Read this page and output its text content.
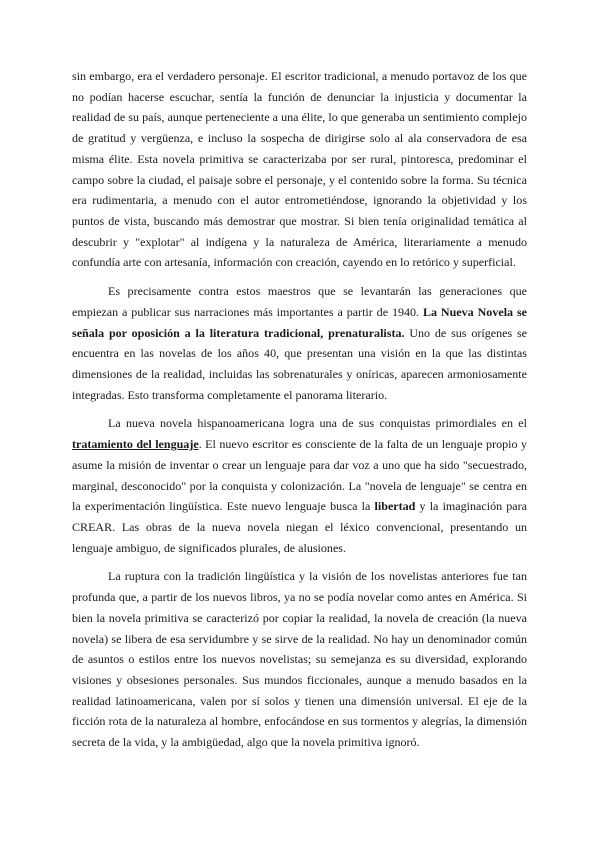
sin embargo, era el verdadero personaje. El escritor tradicional, a menudo portavoz de los que no podían hacerse escuchar, sentía la función de denunciar la injusticia y documentar la realidad de su país, aunque perteneciente a una élite, lo que generaba un sentimiento complejo de gratitud y vergüenza, e incluso la sospecha de dirigirse solo al ala conservadora de esa misma élite. Esta novela primitiva se caracterizaba por ser rural, pintoresca, predominar el campo sobre la ciudad, el paisaje sobre el personaje, y el contenido sobre la forma. Su técnica era rudimentaria, a menudo con el autor entrometiéndose, ignorando la objetividad y los puntos de vista, buscando más demostrar que mostrar. Si bien tenía originalidad temática al descubrir y "explotar" al indígena y la naturaleza de América, literariamente a menudo confundía arte con artesanía, información con creación, cayendo en lo retórico y superficial.

Es precisamente contra estos maestros que se levantarán las generaciones que empiezan a publicar sus narraciones más importantes a partir de 1940. La Nueva Novela se señala por oposición a la literatura tradicional, prenaturalista. Uno de sus orígenes se encuentra en las novelas de los años 40, que presentan una visión en la que las distintas dimensiones de la realidad, incluidas las sobrenaturales y oníricas, aparecen armoniosamente integradas. Esto transforma completamente el panorama literario.

La nueva novela hispanoamericana logra una de sus conquistas primordiales en el tratamiento del lenguaje. El nuevo escritor es consciente de la falta de un lenguaje propio y asume la misión de inventar o crear un lenguaje para dar voz a uno que ha sido "secuestrado, marginal, desconocido" por la conquista y colonización. La "novela de lenguaje" se centra en la experimentación lingüística. Este nuevo lenguaje busca la libertad y la imaginación para CREAR. Las obras de la nueva novela niegan el léxico convencional, presentando un lenguaje ambiguo, de significados plurales, de alusiones.

La ruptura con la tradición lingüística y la visión de los novelistas anteriores fue tan profunda que, a partir de los nuevos libros, ya no se podía novelar como antes en América. Si bien la novela primitiva se caracterizó por copiar la realidad, la novela de creación (la nueva novela) se libera de esa servidumbre y se sirve de la realidad. No hay un denominador común de asuntos o estilos entre los nuevos novelistas; su semejanza es su diversidad, explorando visiones y obsesiones personales. Sus mundos ficcionales, aunque a menudo basados en la realidad latinoamericana, valen por sí solos y tienen una dimensión universal. El eje de la ficción rota de la naturaleza al hombre, enfocándose en sus tormentos y alegrías, la dimensión secreta de la vida, y la ambigüedad, algo que la novela primitiva ignoró.
